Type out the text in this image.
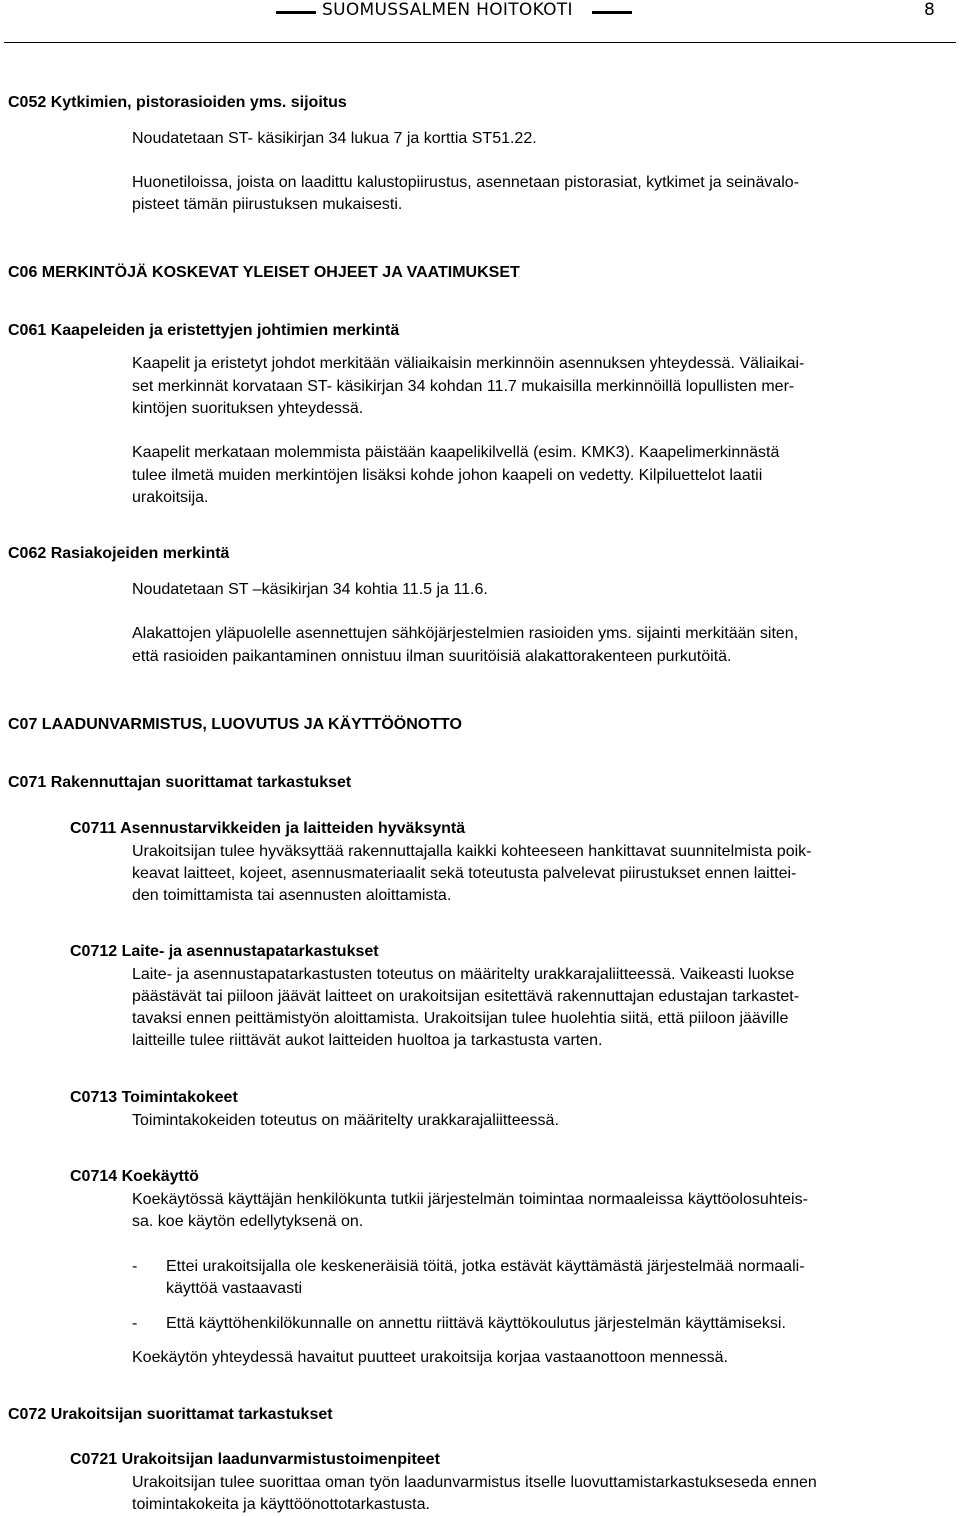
SUOMUSSALMEN HOITOKOTI	8
C052 Kytkimien, pistorasioiden yms. sijoitus
Noudatetaan ST- käsikirjan 34 lukua 7 ja korttia ST51.22.
Huonetiloissa, joista on laadittu kalustopiirustus, asennetaan pistorasiat, kytkimet ja seinävalo-
pisteet tämän piirustuksen mukaisesti.
C06 MERKINTÖJÄ KOSKEVAT YLEISET OHJEET JA VAATIMUKSET
C061 Kaapeleiden ja eristettyjen johtimien merkintä
Kaapelit ja eristetyt johdot merkitään väliaikaisin merkinnöin asennuksen yhteydessä. Väliaikai-
set merkinnät korvataan ST- käsikirjan 34 kohdan 11.7 mukaisilla merkinnöillä lopullisten mer-
kintöjen suorituksen yhteydessä.
Kaapelit merkataan molemmista päistään kaapelikilvellä (esim. KMK3). Kaapelimerkinnästä
tulee ilmetä muiden merkintöjen lisäksi kohde johon kaapeli on vedetty. Kilpiluettelot laatii
urakoitsija.
C062 Rasiakojeiden merkintä
Noudatetaan ST –käsikirjan 34 kohtia 11.5 ja 11.6.
Alakattojen yläpuolelle asennettujen sähköjärjestelmien rasioiden yms. sijainti merkitään siten,
että rasioiden paikantaminen onnistuu ilman suuritöisiä alakattorakenteen purkutöitä.
C07 LAADUNVARMISTUS, LUOVUTUS JA KÄYTTÖÖNOTTO
C071 Rakennuttajan suorittamat tarkastukset
C0711 Asennustarvikkeiden ja laitteiden hyväksyntä
Urakoitsijan tulee hyväksyttää rakennuttajalla kaikki kohteeseen hankittavat suunnitelmista poik-
keavat laitteet, kojeet, asennusmateriaalit sekä toteutusta palvelevat piirustukset ennen laittei-
den toimittamista tai asennusten aloittamista.
C0712 Laite- ja asennustapatarkastukset
Laite- ja asennustapatarkastusten toteutus on määritelty urakkarajaliitteessä. Vaikeasti luokse
päästävät tai piiloon jäävät laitteet on urakoitsijan esitettävä rakennuttajan edustajan tarkastet-
tavaksi ennen peittämistyön aloittamista. Urakoitsijan tulee huolehtia siitä, että piiloon jääville
laitteille tulee riittävät aukot laitteiden huoltoa ja tarkastusta varten.
C0713 Toimintakokeet
Toimintakokeiden toteutus on määritelty urakkarajaliitteessä.
C0714 Koekäyttö
Koekäytössä käyttäjän henkilökunta tutkii järjestelmän toimintaa normaaleissa käyttöolosuhteis-
sa. koe käytön edellytyksenä on.
- Ettei urakoitsijalla ole keskeneräisiä töitä, jotka estävät käyttämästä järjestelmää normaali-
käyttöä vastaavasti
- Että käyttöhenkilökunnalle on annettu riittävä käyttökoulutus järjestelmän käyttämiseksi.
Koekäytön yhteydessä havaitut puutteet urakoitsija korjaa vastaanottoon mennessä.
C072 Urakoitsijan suorittamat tarkastukset
C0721 Urakoitsijan laadunvarmistustoimenpiteet
Urakoitsijan tulee suorittaa oman työn laadunvarmistus itselle luovuttamistarkastukseseda ennen
toimintakokeita ja käyttöönottotarkastusta.
